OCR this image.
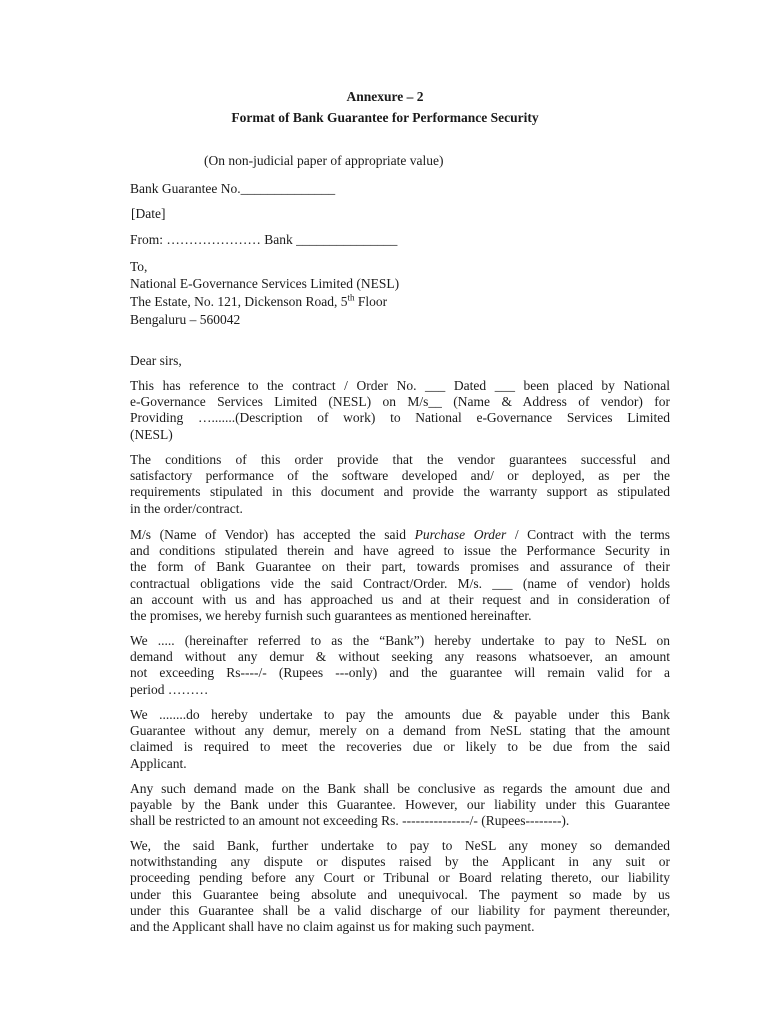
Annexure – 2

Format of Bank Guarantee for Performance Security

(On non-judicial paper of appropriate value)

Bank Guarantee No.______________

[Date]

From: ………………… Bank _______________

To,

National E-Governance Services Limited (NESL)

The Estate, No. 121, Dickenson Road, 5th Floor

Bengaluru – 560042

Dear sirs,

This has reference to the contract / Order No. ___ Dated ___ been placed by National
e-Governance Services Limited (NESL) on M/s__ (Name & Address of vendor) for
Providing ….......(Description of work) to National e-Governance Services Limited
(NESL)
The conditions of this order provide that the vendor guarantees successful and
satisfactory performance of the software developed and/ or deployed, as per the
requirements stipulated in this document and provide the warranty support as stipulated
in the order/contract.
M/s (Name of Vendor) has accepted the said Purchase Order / Contract with the terms
and conditions stipulated therein and have agreed to issue the Performance Security in
the form of Bank Guarantee on their part, towards promises and assurance of their
contractual obligations vide the said Contract/Order. M/s. ___ (name of vendor) holds
an account with us and has approached us and at their request and in consideration of
the promises, we hereby furnish such guarantees as mentioned hereinafter.
We ..... (hereinafter referred to as the “Bank”) hereby undertake to pay to NeSL on
demand without any demur & without seeking any reasons whatsoever, an amount
not exceeding Rs----/- (Rupees ---only) and the guarantee will remain valid for a
period ………
We ........do hereby undertake to pay the amounts due & payable under this Bank
Guarantee without any demur, merely on a demand from NeSL stating that the amount
claimed is required to meet the recoveries due or likely to be due from the said
Applicant.
Any such demand made on the Bank shall be conclusive as regards the amount due and
payable by the Bank under this Guarantee. However, our liability under this Guarantee
shall be restricted to an amount not exceeding Rs. ---------------/- (Rupees--------).
We, the said Bank, further undertake to pay to NeSL any money so demanded
notwithstanding any dispute or disputes raised by the Applicant in any suit or
proceeding pending before any Court or Tribunal or Board relating thereto, our liability
under this Guarantee being absolute and unequivocal. The payment so made by us
under this Guarantee shall be a valid discharge of our liability for payment thereunder,
and the Applicant shall have no claim against us for making such payment.
